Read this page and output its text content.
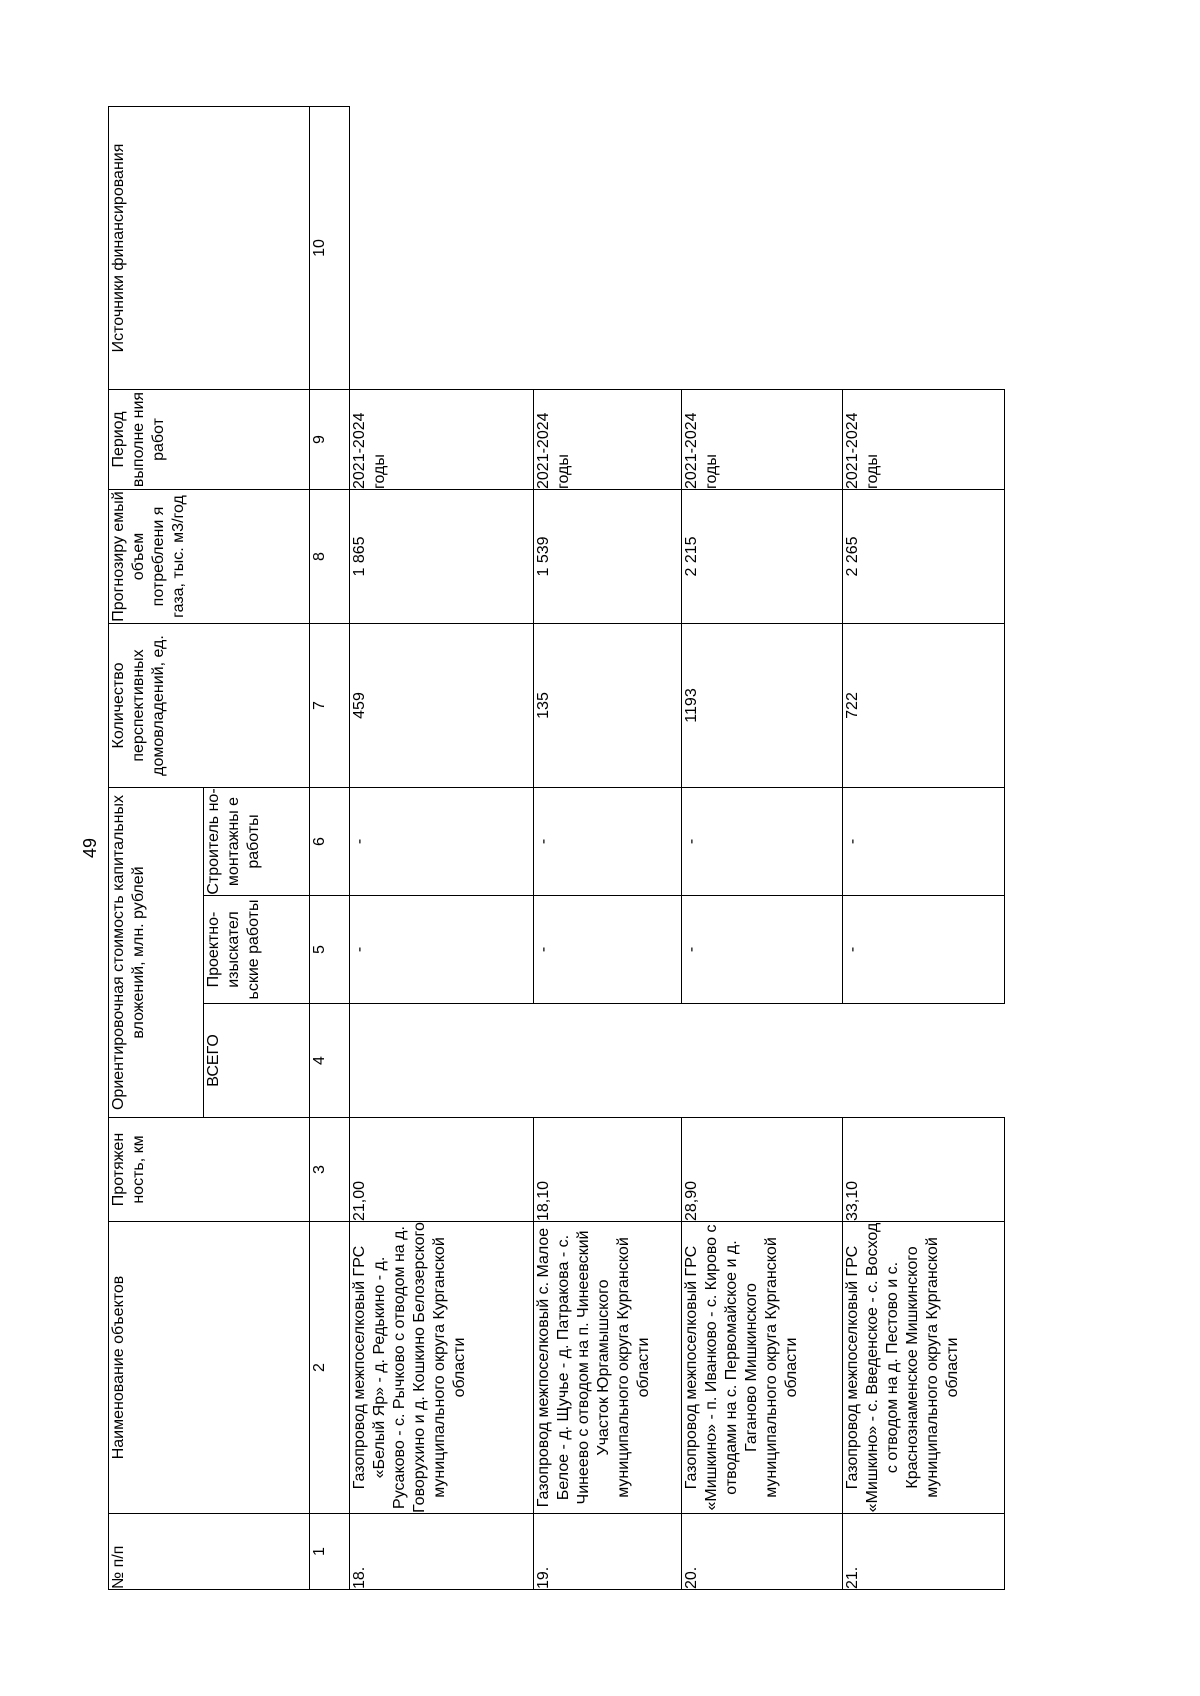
49
№ п/п	Наименование объектов	Протяжен ность, км	Ориентировочная стоимость капитальных вложений, млн. рублей			Количество перспективных домовладений, ед.	Прогнозиру емый объем потреблени я газа, тыс. м3/год	Период выполне ния работ	Источники финансирования
			ВСЕГО	Проектно-изыскател ьские работы	Строитель но-монтажны е работы				
1	2	3	4	5	6	7	8	9	10
18.	Газопровод межпоселковый ГРС «Белый Яр» - д. Редькино - д. Русаково - с. Рычково с отводом на д. Говорухино и д. Кошкино Белозерского муниципального округа Курганской области	21,00		-	-	459	1 865	2021-2024 годы	
19.	Газопровод межпоселковый с. Малое Белое - д. Щучье - д. Патракова - с. Чинеево с отводом на п. Чинеевский Участок Юргамышского муниципального округа Курганской области	18,10		-	-	135	1 539	2021-2024 годы	
20.	Газопровод межпоселковый ГРС «Мишкино» - п. Иванково - с. Кирово с отводами на с. Первомайское и д. Гаганово Мишкинского муниципального округа Курганской области	28,90		-	-	1193	2 215	2021-2024 годы	
21.	Газопровод межпоселковый ГРС «Мишкино» - с. Введенское - с. Восход с отводом на д. Пестово и с. Краснознаменское Мишкинского муниципального округа Курганской области	33,10		-	-	722	2 265	2021-2024 годы	
